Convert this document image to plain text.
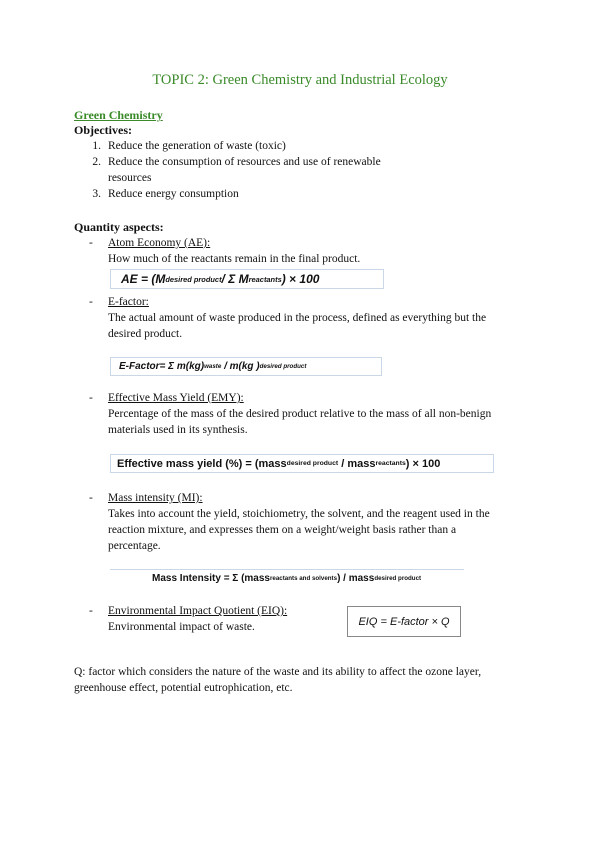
TOPIC 2: Green Chemistry and Industrial Ecology
Green Chemistry
Objectives:
1. Reduce the generation of waste (toxic)
2. Reduce the consumption of resources and use of renewable
resources
3. Reduce energy consumption
Quantity aspects:
- Atom Economy (AE):
How much of the reactants remain in the final product.
AE = (M desired product / Σ M reactants ) × 100
- E-factor:
The actual amount of waste produced in the process, defined as everything but the
desired product.
E-Factor= Σ m(kg) waste
/ m(kg ) desired product
- Effective Mass Yield (EMY):
Percentage of the mass of the desired product relative to the mass of all non-benign
materials used in its synthesis.
Effective mass yield (%) = (mass desired product
/ mass reactants ) × 100
- Mass intensity (MI):
Takes into account the yield, stoichiometry, the solvent, and the reagent used in the
reaction mixture, and expresses them on a weight/weight basis rather than a
percentage.
Mass Intensity = Σ (mass reactants and solvents ) / mass desired product
- Environmental Impact Quotient (EIQ):
Environmental impact of waste.	EIQ = E-factor × Q
Q: factor which considers the nature of the waste and its ability to affect the ozone layer,
greenhouse effect, potential eutrophication, etc.
